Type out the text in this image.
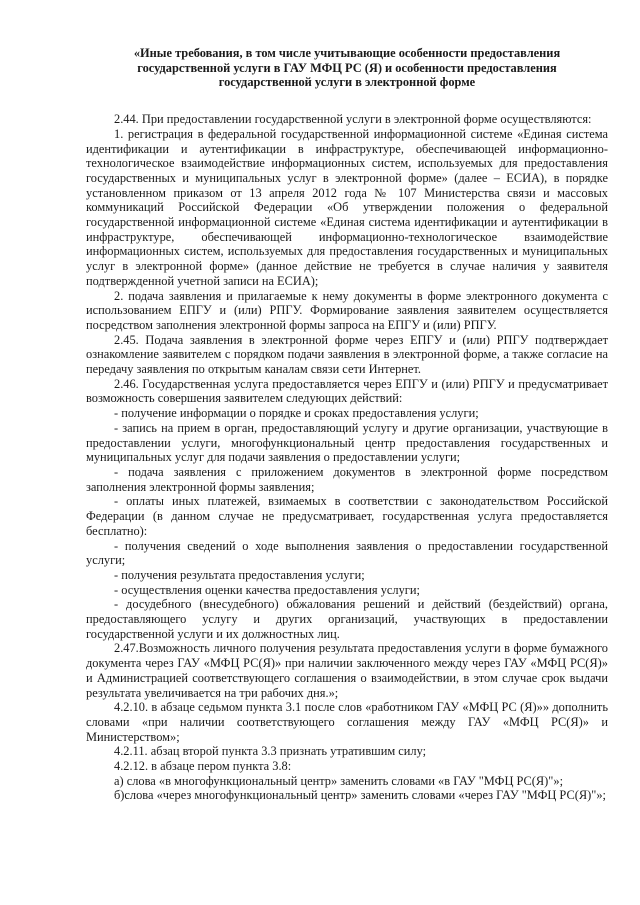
«Иные требования, в том числе учитывающие особенности предоставления
государственной услуги в ГАУ МФЦ РС (Я) и особенности предоставления
государственной услуги в электронной форме

2.44. При предоставлении государственной услуги в электронной форме осуществляются:

1. регистрация в федеральной государственной информационной системе «Единая система идентификации и аутентификации в инфраструктуре, обеспечивающей информационно-технологическое взаимодействие информационных систем, используемых для предоставления государственных и муниципальных услуг в электронной форме» (далее – ЕСИА), в порядке установленном приказом от 13 апреля 2012 года № 107 Министерства связи и массовых коммуникаций Российской Федерации «Об утверждении положения о федеральной государственной информационной системе «Единая система идентификации и аутентификации в инфраструктуре, обеспечивающей информационно-технологическое взаимодействие информационных систем, используемых для предоставления государственных и муниципальных услуг в электронной форме» (данное действие не требуется в случае наличия у заявителя подтвержденной учетной записи на ЕСИА);

2. подача заявления и прилагаемые к нему документы в форме электронного документа с использованием ЕПГУ и (или) РПГУ. Формирование заявления заявителем осуществляется посредством заполнения электронной формы запроса на ЕПГУ и (или) РПГУ.

2.45. Подача заявления в электронной форме через ЕПГУ и (или) РПГУ подтверждает ознакомление заявителем с порядком подачи заявления в электронной форме, а также согласие на передачу заявления по открытым каналам связи сети Интернет.

2.46. Государственная услуга предоставляется через ЕПГУ и (или) РПГУ и предусматривает возможность совершения заявителем следующих действий:

- получение информации о порядке и сроках предоставления услуги;

- запись на прием в орган, предоставляющий услугу и другие организации, участвующие в предоставлении услуги, многофункциональный центр предоставления государственных и муниципальных услуг для подачи заявления о предоставлении услуги;

- подача заявления с приложением документов в электронной форме посредством заполнения электронной формы заявления;

- оплаты иных платежей, взимаемых в соответствии с законодательством Российской Федерации (в данном случае не предусматривает, государственная услуга предоставляется бесплатно):

- получения сведений о ходе выполнения заявления о предоставлении государственной услуги;

- получения результата предоставления услуги;

- осуществления оценки качества предоставления услуги;

- досудебного (внесудебного) обжалования решений и действий (бездействий) органа, предоставляющего услугу и других организаций, участвующих в предоставлении государственной услуги и их должностных лиц.

2.47.Возможность личного получения результата предоставления услуги в форме бумажного документа через ГАУ «МФЦ РС(Я)» при наличии заключенного между через ГАУ «МФЦ РС(Я)» и Администрацией соответствующего соглашения о взаимодействии, в этом случае срок выдачи результата увеличивается на три рабочих дня.»;

4.2.10. в абзаце седьмом пункта 3.1 после слов «работником ГАУ «МФЦ РС (Я)»» дополнить словами «при наличии соответствующего соглашения между ГАУ «МФЦ РС(Я)» и Министерством»;

4.2.11. абзац второй пункта 3.3 признать утратившим силу;

4.2.12. в абзаце пером пункта 3.8:

а) слова «в многофункциональный центр» заменить словами «в ГАУ "МФЦ РС(Я)"»;

б)слова «через многофункциональный центр» заменить словами «через ГАУ "МФЦ РС(Я)"»;
